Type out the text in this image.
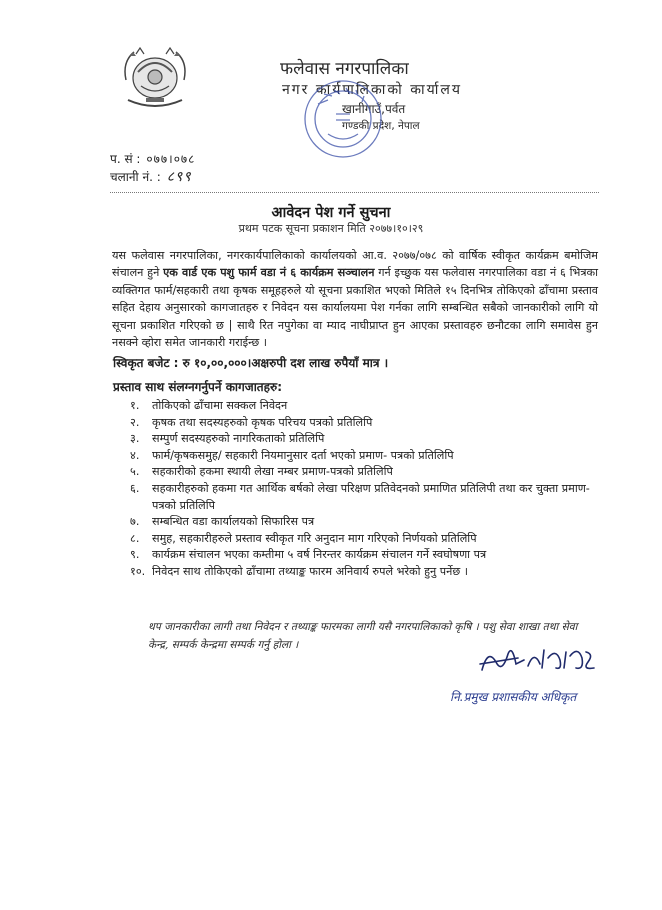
फलेवास नगरपालिका
नगर कार्यपालिकाको कार्यालय
खानीगाउँ,पर्वत
गण्डकी प्रदेश, नेपाल
प. सं : ०७७।०७८
चलानी नं. : ८९९
आवेदन पेश गर्ने सुचना
प्रथम पटक सूचना प्रकाशन मिति २०७७।१०।२९
यस फलेवास नगरपालिका, नगरकार्यपालिकाको कार्यालयको आ.व. २०७७/०७८ को वार्षिक स्वीकृत कार्यक्रम बमोजिम संचालन हुने एक वार्ड एक पशु फार्म वडा नं ६ कार्यक्रम सञ्चालन गर्न इच्छुक यस फलेवास नगरपालिका वडा नं ६ भित्रका व्यक्तिगत फार्म/सहकारी तथा कृषक समूहहरुले यो सूचना प्रकाशित भएको मितिले १५ दिनभित्र तोकिएको ढाँचामा प्रस्ताव सहित देहाय अनुसारको कागजातहरु र निवेदन यस कार्यालयमा पेश गर्नका लागि सम्बन्धित सबैको जानकारीको लागि यो सूचना प्रकाशित गरिएको छ | साथै रित नपुगेका वा म्याद नाघीप्राप्त हुन आएका प्रस्तावहरु छनौटका लागि समावेस हुन नसक्ने व्होरा समेत जानकारी गराईन्छ ।
स्विकृत बजेट : रु १०,००,०००।अक्षरुपी दश लाख रुपैयाँ मात्र ।
प्रस्ताव साथ संलग्नगर्नुपर्ने कागजातहरु:
१.	तोकिएको ढाँचामा सक्कल निवेदन
२.	कृषक तथा सदस्यहरुको कृषक परिचय पत्रको प्रतिलिपि
३.	सम्पुर्ण सदस्यहरुको नागरिकताको प्रतिलिपि
४.	फार्म/कृषकसमुह/ सहकारी नियमानुसार दर्ता भएको प्रमाण- पत्रको प्रतिलिपि
५.	सहकारीको हकमा स्थायी लेखा नम्बर प्रमाण-पत्रको प्रतिलिपि
६.	सहकारीहरुको हकमा गत आर्थिक बर्षको लेखा परिक्षण प्रतिवेदनको प्रमाणित प्रतिलिपी तथा कर चुक्ता प्रमाण-पत्रको प्रतिलिपि
७.	सम्बन्धित वडा कार्यालयको सिफारिस पत्र
८.	समुह, सहकारीहरुले प्रस्ताव स्वीकृत गरि अनुदान माग गरिएको निर्णयको प्रतिलिपि
९.	कार्यक्रम संचालन भएका कम्तीमा ५ वर्ष निरन्तर कार्यक्रम संचालन गर्ने स्वघोषणा पत्र
१०. निवेदन साथ तोकिएको ढाँचामा तथ्याङ्क फारम अनिवार्य रुपले भरेको हुनु पर्नेछ ।
थप जानकारीका लागी तथा निवेदन र तथ्याङ्क फारमका लागी यसै नगरपालिकाको कृषि । पशु सेवा शाखा तथा सेवा केन्द्र, सम्पर्क केन्द्रमा सम्पर्क गर्नु होला ।
नि.प्रमुख प्रशासकीय अधिकृत
